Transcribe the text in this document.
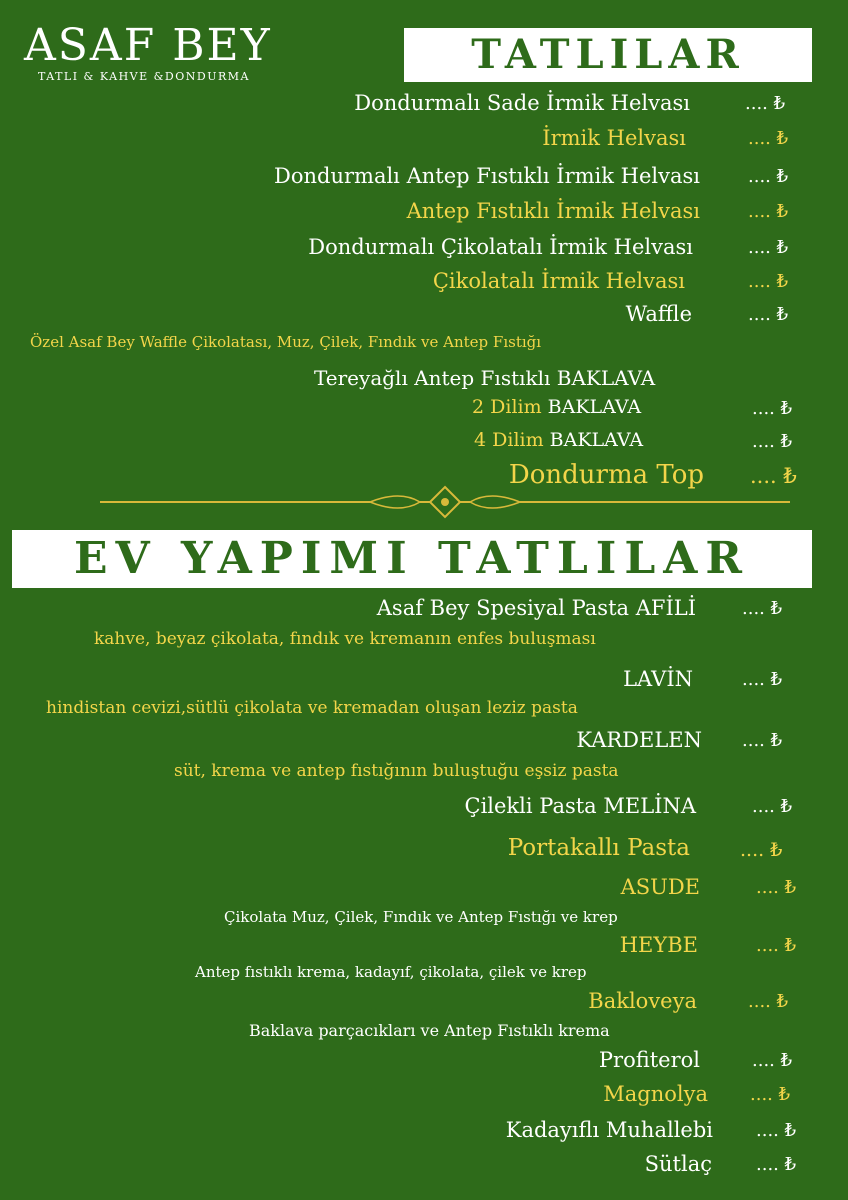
ASAF BEY
TATLI & KAHVE &DONDURMA	TATLILAR
Dondurmalı Sade İrmik Helvası	.... ₺
İrmik Helvası	.... ₺
Dondurmalı Antep Fıstıklı İrmik Helvası	.... ₺
Antep Fıstıklı İrmik Helvası	.... ₺
Dondurmalı Çikolatalı İrmik Helvası	.... ₺
Çikolatalı İrmik Helvası	.... ₺
Waffle	.... ₺
Özel Asaf Bey Waffle Çikolatası, Muz, Çilek, Fındık ve Antep Fıstığı
Tereyağlı Antep Fıstıklı BAKLAVA
2 Dilim BAKLAVA	.... ₺
4 Dilim BAKLAVA	.... ₺
Dondurma Top .... ₺
EV YAPIMI TATLILAR
Asaf Bey Spesiyal Pasta AFİLİ	.... ₺
kahve, beyaz çikolata, fındık ve kremanın enfes buluşması
LAVİN	.... ₺
hindistan cevizi,sütlü çikolata ve kremadan oluşan leziz pasta
KARDELEN .... ₺
süt, krema ve antep fıstığının buluştuğu eşsiz pasta
Çilekli Pasta MELİNA	.... ₺
Portakallı Pasta	.... ₺
ASUDE	.... ₺
Çikolata Muz, Çilek, Fındık ve Antep Fıstığı ve krep
HEYBE	.... ₺
Antep fıstıklı krema, kadayıf, çikolata, çilek ve krep
Bakloveya	.... ₺
Baklava parçacıkları ve Antep Fıstıklı krema
Profiterol	.... ₺
Magnolya .... ₺
Kadayıflı Muhallebi .... ₺
Sütlaç .... ₺
